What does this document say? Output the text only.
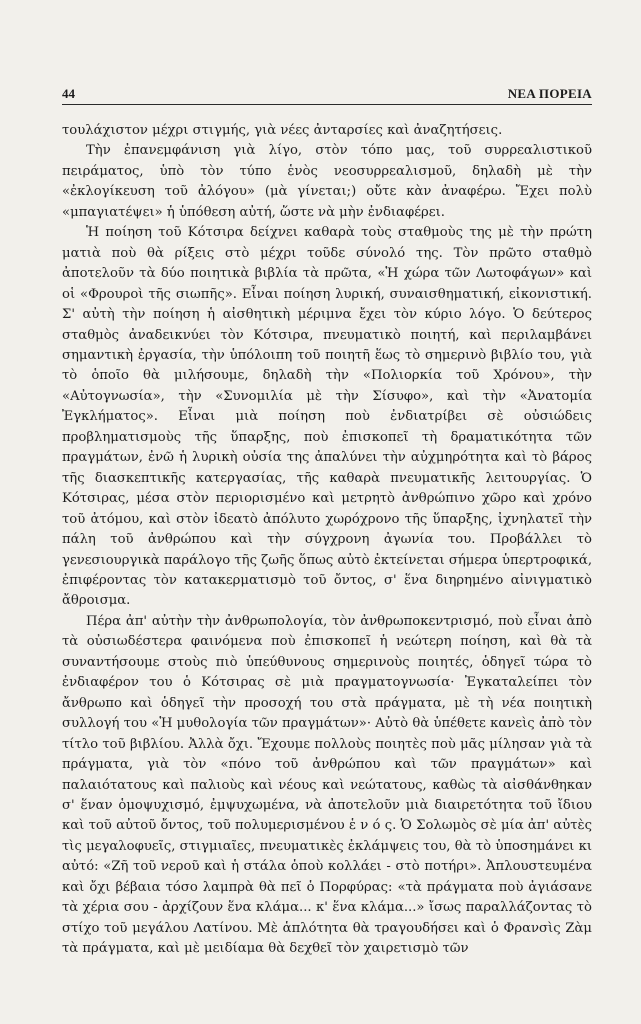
44	ΝΕΑ ΠΟΡΕΙΑ

τουλάχιστον μέχρι στιγμής, γιὰ νέες ἀνταρσίες καὶ ἀναζητήσεις.

Τὴν ἐπανεμφάνιση γιὰ λίγο, στὸν τόπο μας, τοῦ συρρεαλιστικοῦ πειράματος, ὑπὸ τὸν τύπο ἑνὸς νεοσυρρεαλισμοῦ, δηλαδὴ μὲ τὴν «ἐκλογίκευση τοῦ ἀλόγου» (μὰ γίνεται;) οὔτε κὰν ἀναφέρω. Ἔχει πολὺ «μπαγιατέψει» ἡ ὑπόθεση αὐτή, ὥστε νὰ μὴν ἐνδιαφέρει.

Ἡ ποίηση τοῦ Κότσιρα δείχνει καθαρὰ τοὺς σταθμοὺς της μὲ τὴν πρώτη ματιὰ ποὺ θὰ ρίξεις στὸ μέχρι τοῦδε σύνολό της. Τὸν πρῶτο σταθμὸ ἀποτελοῦν τὰ δύο ποιητικὰ βιβλία τὰ πρῶτα, «Ἡ χώρα τῶν Λωτοφάγων» καὶ οἱ «Φρουροὶ τῆς σιωπῆς». Εἶναι ποίηση λυρική, συναισθηματική, εἰκονιστική. Σ' αὐτὴ τὴν ποίηση ἡ αἰσθητικὴ μέριμνα ἔχει τὸν κύριο λόγο. Ὁ δεύτερος σταθμὸς ἀναδεικνύει τὸν Κότσιρα, πνευματικὸ ποιητή, καὶ περιλαμβάνει σημαντικὴ ἐργασία, τὴν ὑπόλοιπη τοῦ ποιητῆ ἕως τὸ σημερινὸ βιβλίο του, γιὰ τὸ ὁποῖο θὰ μιλήσουμε, δηλαδὴ τὴν «Πολιορκία τοῦ Χρόνου», τὴν «Αὐτογνωσία», τὴν «Συνομιλία μὲ τὴν Σίσυφο», καὶ τὴν «Ἀνατομία Ἐγκλήματος». Εἶναι μιὰ ποίηση ποὺ ἐνδιατρίβει σὲ οὐσιώδεις προβληματισμοὺς τῆς ὕπαρξης, ποὺ ἐπισκοπεῖ τὴ δραματικότητα τῶν πραγμάτων, ἐνῶ ἡ λυρικὴ οὐσία της ἀπαλύνει τὴν αὐχμηρότητα καὶ τὸ βάρος τῆς διασκεπτικῆς κατεργασίας, τῆς καθαρὰ πνευματικῆς λειτουργίας. Ὁ Κότσιρας, μέσα στὸν περιορισμένο καὶ μετρητὸ ἀνθρώπινο χῶρο καὶ χρόνο τοῦ ἀτόμου, καὶ στὸν ἰδεατὸ ἀπόλυτο χωρόχρονο τῆς ὕπαρξης, ἰχνηλατεῖ τὴν πάλη τοῦ ἀνθρώπου καὶ τὴν σύγχρονη ἀγωνία του. Προβάλλει τὸ γενεσιουργικὰ παράλογο τῆς ζωῆς ὅπως αὐτὸ ἐκτείνεται σήμερα ὑπερτροφικά, ἐπιφέροντας τὸν κατακερματισμὸ τοῦ ὄντος, σ' ἕνα διηρημένο αἰνιγματικὸ ἄθροισμα.

Πέρα ἀπ' αὐτὴν τὴν ἀνθρωπολογία, τὸν ἀνθρωποκεντρισμό, ποὺ εἶναι ἀπὸ τὰ οὐσιωδέστερα φαινόμενα ποὺ ἐπισκοπεῖ ἡ νεώτερη ποίηση, καὶ θὰ τὰ συναντήσουμε στοὺς πιὸ ὑπεύθυνους σημερινοὺς ποιητές, ὁδηγεῖ τώρα τὸ ἐνδιαφέρον του ὁ Κότσιρας σὲ μιὰ πραγματογνωσία· Ἐγκαταλείπει τὸν ἄνθρωπο καὶ ὁδηγεῖ τὴν προσοχή του στὰ πράγματα, μὲ τὴ νέα ποιητικὴ συλλογή του «Ἡ μυθολογία τῶν πραγμάτων»· Αὐτὸ θὰ ὑπέθετε κανεὶς ἀπὸ τὸν τίτλο τοῦ βιβλίου. Ἀλλὰ ὄχι. Ἔχουμε πολλοὺς ποιητὲς ποὺ μᾶς μίλησαν γιὰ τὰ πράγματα, γιὰ τὸν «πόνο τοῦ ἀνθρώπου καὶ τῶν πραγμάτων» καὶ παλαιότατους καὶ παλιοὺς καὶ νέους καὶ νεώτατους, καθὼς τὰ αἰσθάνθηκαν σ' ἕναν ὁμοψυχισμό, ἐμψυχωμένα, νὰ ἀποτελοῦν μιὰ διαιρετότητα τοῦ ἴδιου καὶ τοῦ αὐτοῦ ὄντος, τοῦ πολυμερισμένου ἑ ν ό ς. Ὁ Σολωμὸς σὲ μία ἀπ' αὐτὲς τὶς μεγαλοφυεῖς, στιγμιαῖες, πνευματικὲς ἐκλάμψεις του, θὰ τὸ ὑποσημάνει κι αὐτό: «Ζῆ τοῦ νεροῦ καὶ ἡ στάλα ὁποὺ κολλάει - στὸ ποτήρι». Ἀπλουστευμένα καὶ ὄχι βέβαια τόσο λαμπρὰ θὰ πεῖ ὁ Πορφύρας: «τὰ πράγματα ποὺ ἀγιάσανε τὰ χέρια σου - ἀρχίζουν ἕνα κλάμα... κ' ἕνα κλάμα...» ἴσως παραλλάζοντας τὸ στίχο τοῦ μεγάλου Λατίνου. Μὲ ἁπλότητα θὰ τραγουδήσει καὶ ὁ Φρανσὶς Ζὰμ τὰ πράγματα, καὶ μὲ μειδίαμα θὰ δεχθεῖ τὸν χαιρετισμὸ τῶν
